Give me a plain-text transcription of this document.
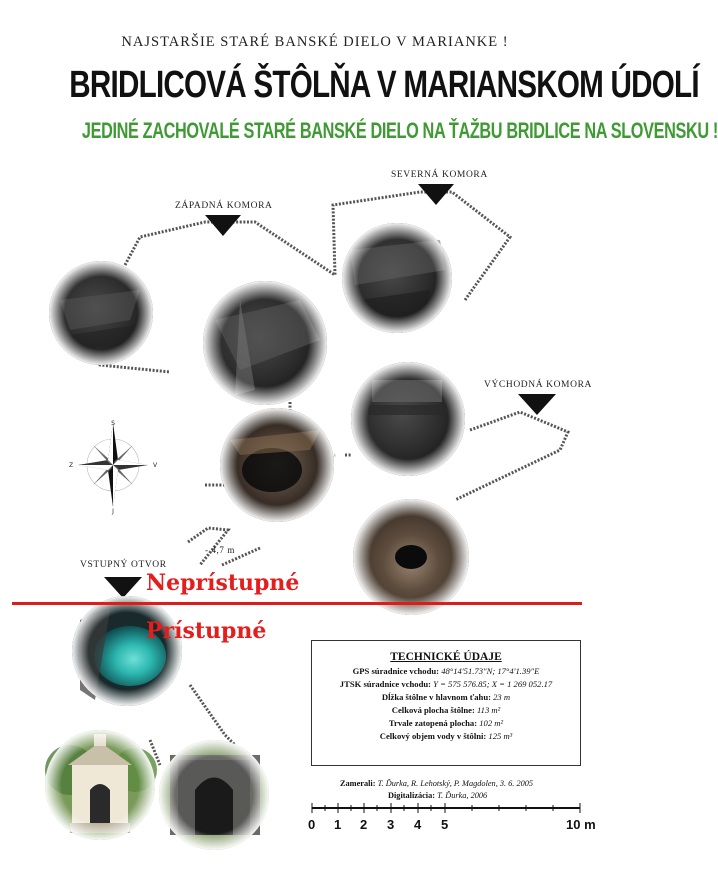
NAJSTARŠIE STARÉ BANSKÉ DIELO V MARIANKE !
BRIDLICOVÁ ŠTÔLŇA V MARIANSKOM ÚDOLÍ
JEDINÉ ZACHOVALÉ STARÉ BANSKÉ DIELO NA ŤAŽBU BRIDLICE NA SLOVENSKU !
S
J
Z	V
SEVERNÁ KOMORA
ZÁPADNÁ KOMORA
VÝCHODNÁ KOMORA
VSTUPNÝ OTVOR
- 4,7 m
Neprístupné
Prístupné
TECHNICKÉ ÚDAJE
GPS súradnice vchodu: 48°14'51.73"N; 17°4'1.39"E
JTSK súradnice vchodu: Y = 575 576.85; X = 1 269 052.17
Dĺžka štôlne v hlavnom ťahu: 23 m
Celková plocha štôlne: 113 m²
Trvale zatopená plocha: 102 m²
Celkový objem vody v štôlni: 125 m³
Zamerali: T. Ďurka, R. Lehotský, P. Magdolen, 3. 6. 2005
Digitalizácia: T. Ďurka, 2006
0 1 2 3 4 5	10 m
